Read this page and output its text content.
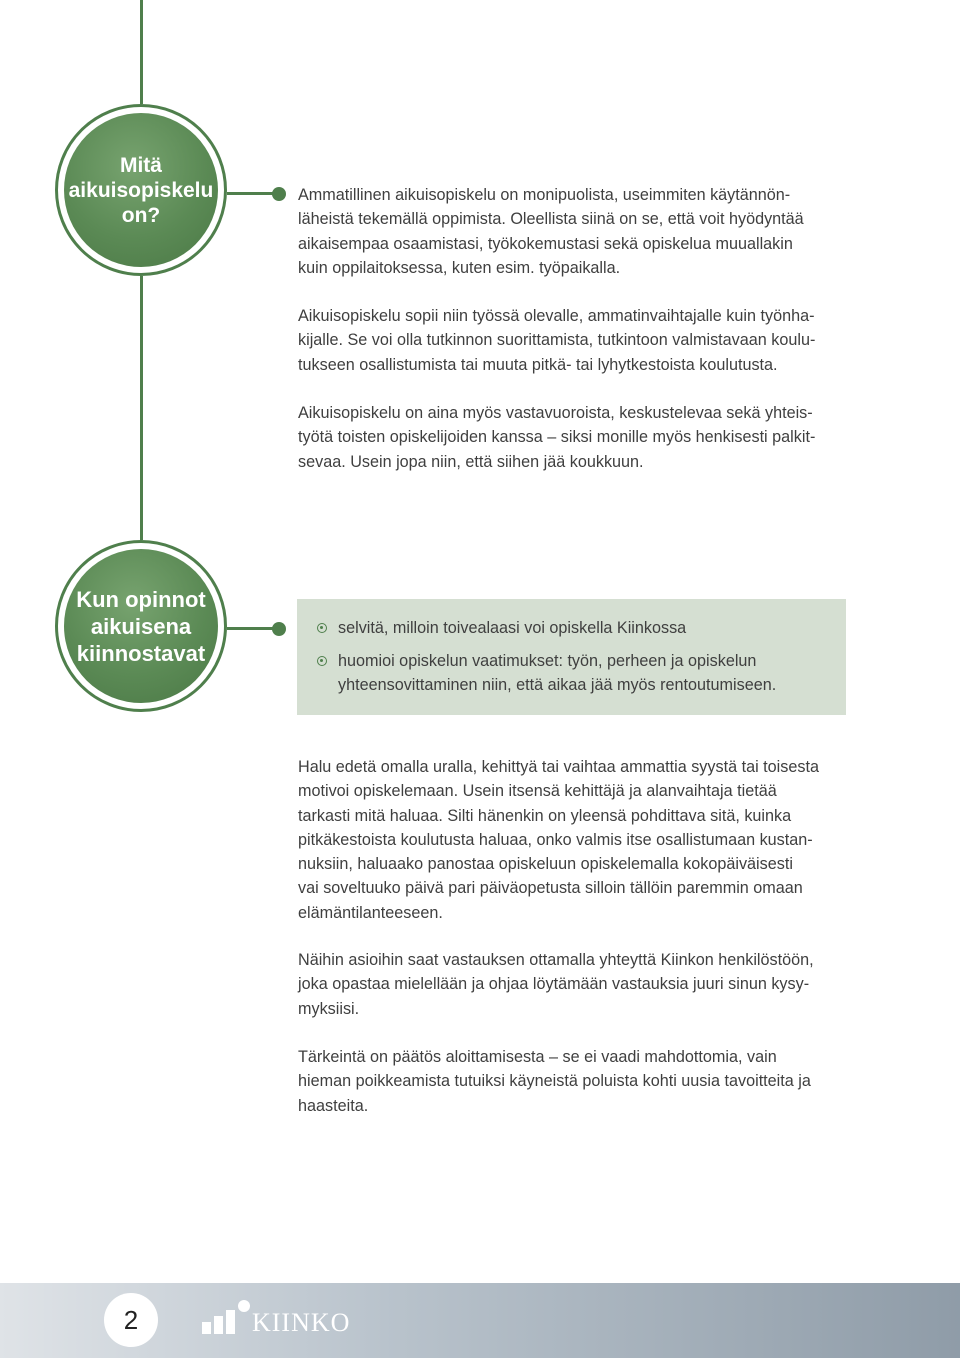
Mitä
aikuisopiskelu
on?
Ammatillinen aikuisopiskelu on monipuolista, useimmiten käytännön-
läheistä tekemällä oppimista. Oleellista siinä on se, että voit hyödyntää
aikaisempaa osaamistasi, työkokemustasi sekä opiskelua muuallakin
kuin oppilaitoksessa, kuten esim. työpaikalla.
Aikuisopiskelu sopii niin työssä olevalle, ammatinvaihtajalle kuin työnha-
kijalle. Se voi olla tutkinnon suorittamista, tutkintoon valmistavaan koulu-
tukseen osallistumista tai muuta pitkä- tai lyhytkestoista koulutusta.
Aikuisopiskelu on aina myös vastavuoroista, keskustelevaa sekä yhteis-
työtä toisten opiskelijoiden kanssa – siksi monille myös henkisesti palkit-
sevaa. Usein jopa niin, että siihen jää koukkuun.
Kun opinnot
aikuisena
kiinnostavat
selvitä, milloin toivealaasi voi opiskella Kiinkossa
huomioi opiskelun vaatimukset: työn, perheen ja opiskelun
yhteensovittaminen niin, että aikaa jää myös rentoutumiseen.
Halu edetä omalla uralla, kehittyä tai vaihtaa ammattia syystä tai toisesta
motivoi opiskelemaan. Usein itsensä kehittäjä ja alanvaihtaja tietää
tarkasti mitä haluaa. Silti hänenkin on yleensä pohdittava sitä, kuinka
pitkäkestoista koulutusta haluaa, onko valmis itse osallistumaan kustan-
nuksiin, haluaako panostaa opiskeluun opiskelemalla kokopäiväisesti
vai soveltuuko päivä pari päiväopetusta silloin tällöin paremmin omaan
elämäntilanteeseen.
Näihin asioihin saat vastauksen ottamalla yhteyttä Kiinkon henkilöstöön,
joka opastaa mielellään ja ohjaa löytämään vastauksia juuri sinun kysy-
myksiisi.
Tärkeintä on päätös aloittamisesta – se ei vaadi mahdottomia, vain
hieman poikkeamista tutuiksi käyneistä poluista kohti uusia tavoitteita ja
haasteita.
2	KIINKO
